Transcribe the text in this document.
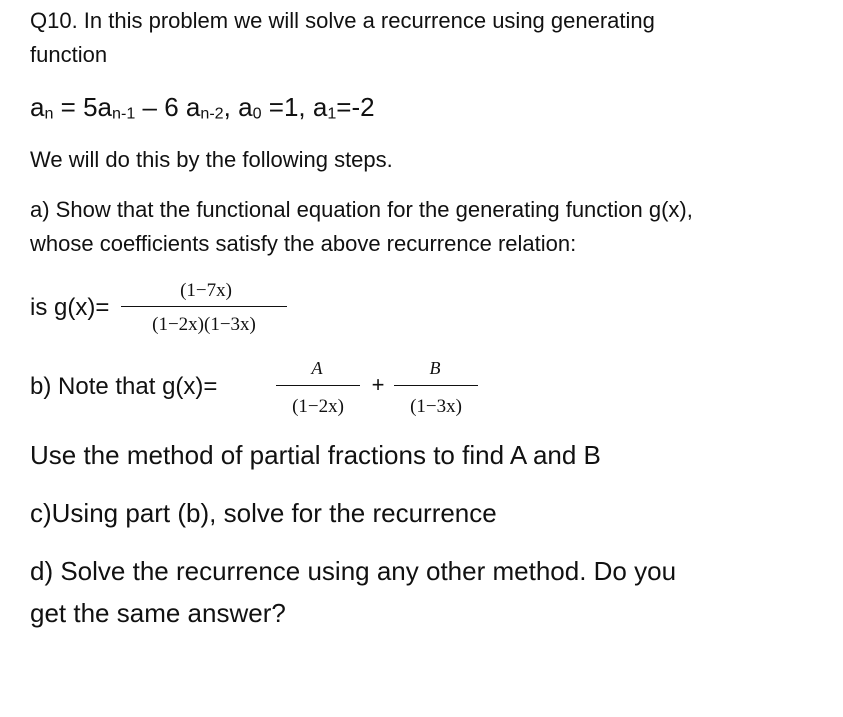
Q10. In this problem we will solve a recurrence using generating
function
$a_n = 5a_{n-1} - 6$ $a_{n-2}$, $a_0 =1$, $a_1=-2$
We will do this by the following steps.
a) Show that the functional equation for the generating function g(x),
whose coefficients satisfy the above recurrence relation:
is g(x)=
(1−7x)
(1−2x)(1−3x)
b) Note that g(x)=
A
(1−2x)
+
B
(1−3x)
Use the method of partial fractions to find A and B
c)Using part (b), solve for the recurrence
d) Solve the recurrence using any other method. Do you
get the same answer?
